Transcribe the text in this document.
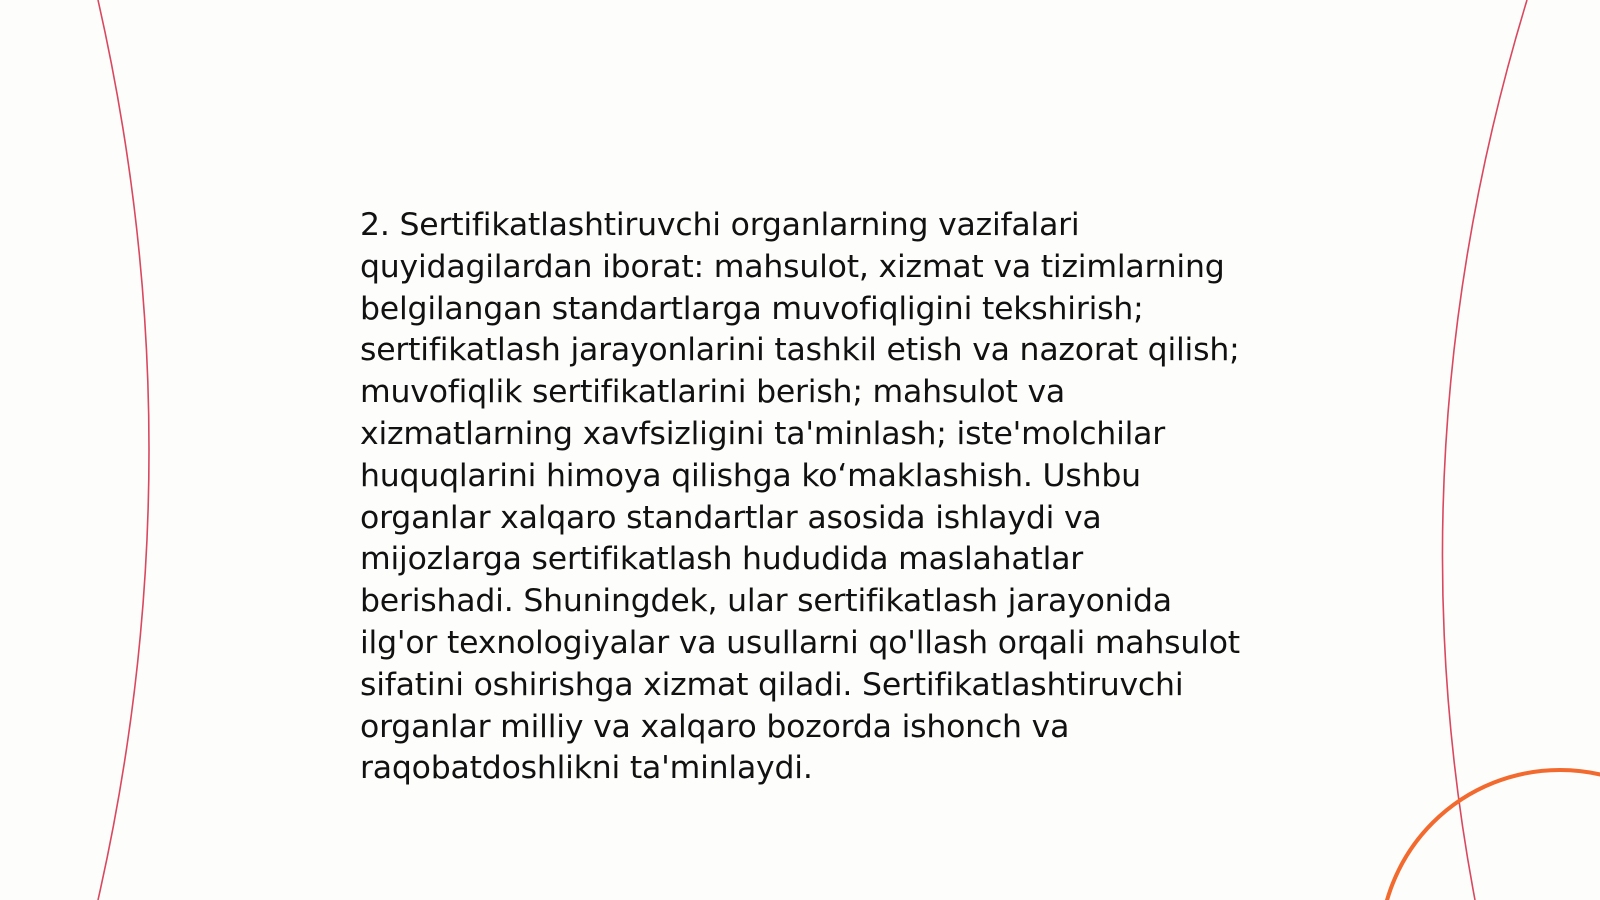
2. Sertifikatlashtiruvchi organlarning vazifalari quyidagilardan iborat: mahsulot, xizmat va tizimlarning belgilangan standartlarga muvofiqligini tekshirish; sertifikatlash jarayonlarini tashkil etish va nazorat qilish; muvofiqlik sertifikatlarini berish; mahsulot va xizmatlarning xavfsizligini ta'minlash; iste'molchilar huquqlarini himoya qilishga ko‘maklashish. Ushbu organlar xalqaro standartlar asosida ishlaydi va mijozlarga sertifikatlash hududida maslahatlar berishadi. Shuningdek, ular sertifikatlash jarayonida ilg'or texnologiyalar va usullarni qo'llash orqali mahsulot sifatini oshirishga xizmat qiladi. Sertifikatlashtiruvchi organlar milliy va xalqaro bozorda ishonch va raqobatdoshlikni ta'minlaydi.
